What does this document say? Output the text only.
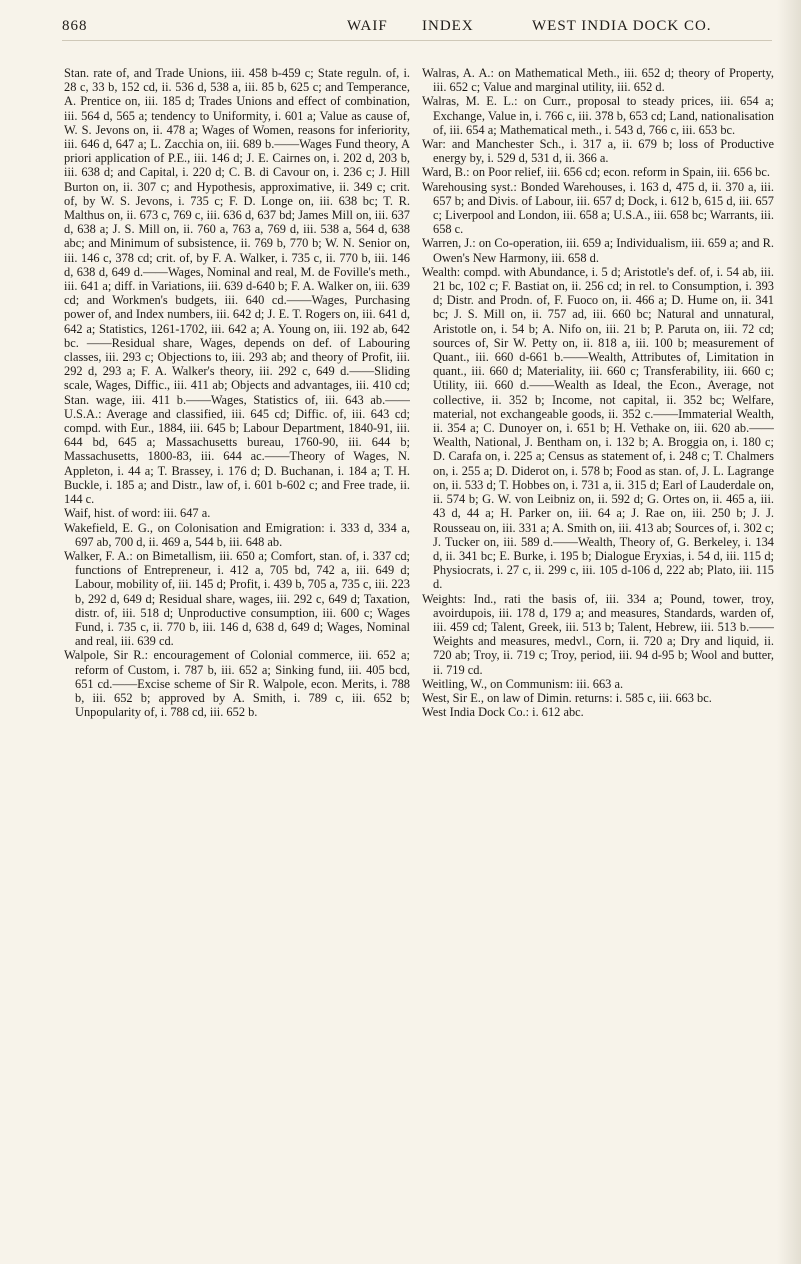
868	WAIF INDEX	WEST INDIA DOCK CO.

Stan. rate of, and Trade Unions, iii. 458 b-459 c; State reguln. of, i. 28 c, 33 b, 152 cd, ii. 536 d, 538 a, iii. 85 b, 625 c; and Temperance, A. Prentice on, iii. 185 d; Trades Unions and effect of combination, iii. 564 d, 565 a; tendency to Uniformity, i. 601 a; Value as cause of, W. S. Jevons on, ii. 478 a; Wages of Women, reasons for inferiority, iii. 646 d, 647 a; L. Zacchia on, iii. 689 b.——Wages Fund theory, A priori application of P.E., iii. 146 d; J. E. Cairnes on, i. 202 d, 203 b, iii. 638 d; and Capital, i. 220 d; C. B. di Cavour on, i. 236 c; J. Hill Burton on, ii. 307 c; and Hypothesis, approximative, ii. 349 c; crit. of, by W. S. Jevons, i. 735 c; F. D. Longe on, iii. 638 bc; T. R. Malthus on, ii. 673 c, 769 c, iii. 636 d, 637 bd; James Mill on, iii. 637 d, 638 a; J. S. Mill on, ii. 760 a, 763 a, 769 d, iii. 538 a, 564 d, 638 abc; and Minimum of subsistence, ii. 769 b, 770 b; W. N. Senior on, iii. 146 c, 378 cd; crit. of, by F. A. Walker, i. 735 c, ii. 770 b, iii. 146 d, 638 d, 649 d.——Wages, Nominal and real, M. de Foville's meth., iii. 641 a; diff. in Variations, iii. 639 d-640 b; F. A. Walker on, iii. 639 cd; and Workmen's budgets, iii. 640 cd.——Wages, Purchasing power of, and Index numbers, iii. 642 d; J. E. T. Rogers on, iii. 641 d, 642 a; Statistics, 1261-1702, iii. 642 a; A. Young on, iii. 192 ab, 642 bc. ——Residual share, Wages, depends on def. of Labouring classes, iii. 293 c; Objections to, iii. 293 ab; and theory of Profit, iii. 292 d, 293 a; F. A. Walker's theory, iii. 292 c, 649 d.——Sliding scale, Wages, Diffic., iii. 411 ab; Objects and advantages, iii. 410 cd; Stan. wage, iii. 411 b.——Wages, Statistics of, iii. 643 ab.——U.S.A.: Average and classified, iii. 645 cd; Diffic. of, iii. 643 cd; compd. with Eur., 1884, iii. 645 b; Labour Department, 1840-91, iii. 644 bd, 645 a; Massachusetts bureau, 1760-90, iii. 644 b; Massachusetts, 1800-83, iii. 644 ac.——Theory of Wages, N. Appleton, i. 44 a; T. Brassey, i. 176 d; D. Buchanan, i. 184 a; T. H. Buckle, i. 185 a; and Distr., law of, i. 601 b-602 c; and Free trade, ii. 144 c.

Waif, hist. of word: iii. 647 a.

Wakefield, E. G., on Colonisation and Emigration: i. 333 d, 334 a, 697 ab, 700 d, ii. 469 a, 544 b, iii. 648 ab.

Walker, F. A.: on Bimetallism, iii. 650 a; Comfort, stan. of, i. 337 cd; functions of Entrepreneur, i. 412 a, 705 bd, 742 a, iii. 649 d; Labour, mobility of, iii. 145 d; Profit, i. 439 b, 705 a, 735 c, iii. 223 b, 292 d, 649 d; Residual share, wages, iii. 292 c, 649 d; Taxation, distr. of, iii. 518 d; Unproductive consumption, iii. 600 c; Wages Fund, i. 735 c, ii. 770 b, iii. 146 d, 638 d, 649 d; Wages, Nominal and real, iii. 639 cd.

Walpole, Sir R.: encouragement of Colonial commerce, iii. 652 a; reform of Custom, i. 787 b, iii. 652 a; Sinking fund, iii. 405 bcd, 651 cd.——Excise scheme of Sir R. Walpole, econ. Merits, i. 788 b, iii. 652 b; approved by A. Smith, i. 789 c, iii. 652 b; Unpopularity of, i. 788 cd, iii. 652 b.

Walras, A. A.: on Mathematical Meth., iii. 652 d; theory of Property, iii. 652 c; Value and marginal utility, iii. 652 d.

Walras, M. E. L.: on Curr., proposal to steady prices, iii. 654 a; Exchange, Value in, i. 766 c, iii. 378 b, 653 cd; Land, nationalisation of, iii. 654 a; Mathematical meth., i. 543 d, 766 c, iii. 653 bc.

War: and Manchester Sch., i. 317 a, ii. 679 b; loss of Productive energy by, i. 529 d, 531 d, ii. 366 a.

Ward, B.: on Poor relief, iii. 656 cd; econ. reform in Spain, iii. 656 bc.

Warehousing syst.: Bonded Warehouses, i. 163 d, 475 d, ii. 370 a, iii. 657 b; and Divis. of Labour, iii. 657 d; Dock, i. 612 b, 615 d, iii. 657 c; Liverpool and London, iii. 658 a; U.S.A., iii. 658 bc; Warrants, iii. 658 c.

Warren, J.: on Co-operation, iii. 659 a; Individualism, iii. 659 a; and R. Owen's New Harmony, iii. 658 d.

Wealth: compd. with Abundance, i. 5 d; Aristotle's def. of, i. 54 ab, iii. 21 bc, 102 c; F. Bastiat on, ii. 256 cd; in rel. to Consumption, i. 393 d; Distr. and Prodn. of, F. Fuoco on, ii. 466 a; D. Hume on, ii. 341 bc; J. S. Mill on, ii. 757 ad, iii. 660 bc; Natural and unnatural, Aristotle on, i. 54 b; A. Nifo on, iii. 21 b; P. Paruta on, iii. 72 cd; sources of, Sir W. Petty on, ii. 818 a, iii. 100 b; measurement of Quant., iii. 660 d-661 b.——Wealth, Attributes of, Limitation in quant., iii. 660 d; Materiality, iii. 660 c; Transferability, iii. 660 c; Utility, iii. 660 d.——Wealth as Ideal, the Econ., Average, not collective, ii. 352 b; Income, not capital, ii. 352 bc; Welfare, material, not exchangeable goods, ii. 352 c.——Immaterial Wealth, ii. 354 a; C. Dunoyer on, i. 651 b; H. Vethake on, iii. 620 ab.——Wealth, National, J. Bentham on, i. 132 b; A. Broggia on, i. 180 c; D. Carafa on, i. 225 a; Census as statement of, i. 248 c; T. Chalmers on, i. 255 a; D. Diderot on, i. 578 b; Food as stan. of, J. L. Lagrange on, ii. 533 d; T. Hobbes on, i. 731 a, ii. 315 d; Earl of Lauderdale on, ii. 574 b; G. W. von Leibniz on, ii. 592 d; G. Ortes on, ii. 465 a, iii. 43 d, 44 a; H. Parker on, iii. 64 a; J. Rae on, iii. 250 b; J. J. Rousseau on, iii. 331 a; A. Smith on, iii. 413 ab; Sources of, i. 302 c; J. Tucker on, iii. 589 d.——Wealth, Theory of, G. Berkeley, i. 134 d, ii. 341 bc; E. Burke, i. 195 b; Dialogue Eryxias, i. 54 d, iii. 115 d; Physiocrats, i. 27 c, ii. 299 c, iii. 105 d-106 d, 222 ab; Plato, iii. 115 d.

Weights: Ind., rati the basis of, iii. 334 a; Pound, tower, troy, avoirdupois, iii. 178 d, 179 a; and measures, Standards, warden of, iii. 459 cd; Talent, Greek, iii. 513 b; Talent, Hebrew, iii. 513 b.——Weights and measures, medvl., Corn, ii. 720 a; Dry and liquid, ii. 720 ab; Troy, ii. 719 c; Troy, period, iii. 94 d-95 b; Wool and butter, ii. 719 cd.

Weitling, W., on Communism: iii. 663 a.

West, Sir E., on law of Dimin. returns: i. 585 c, iii. 663 bc.

West India Dock Co.: i. 612 abc.
